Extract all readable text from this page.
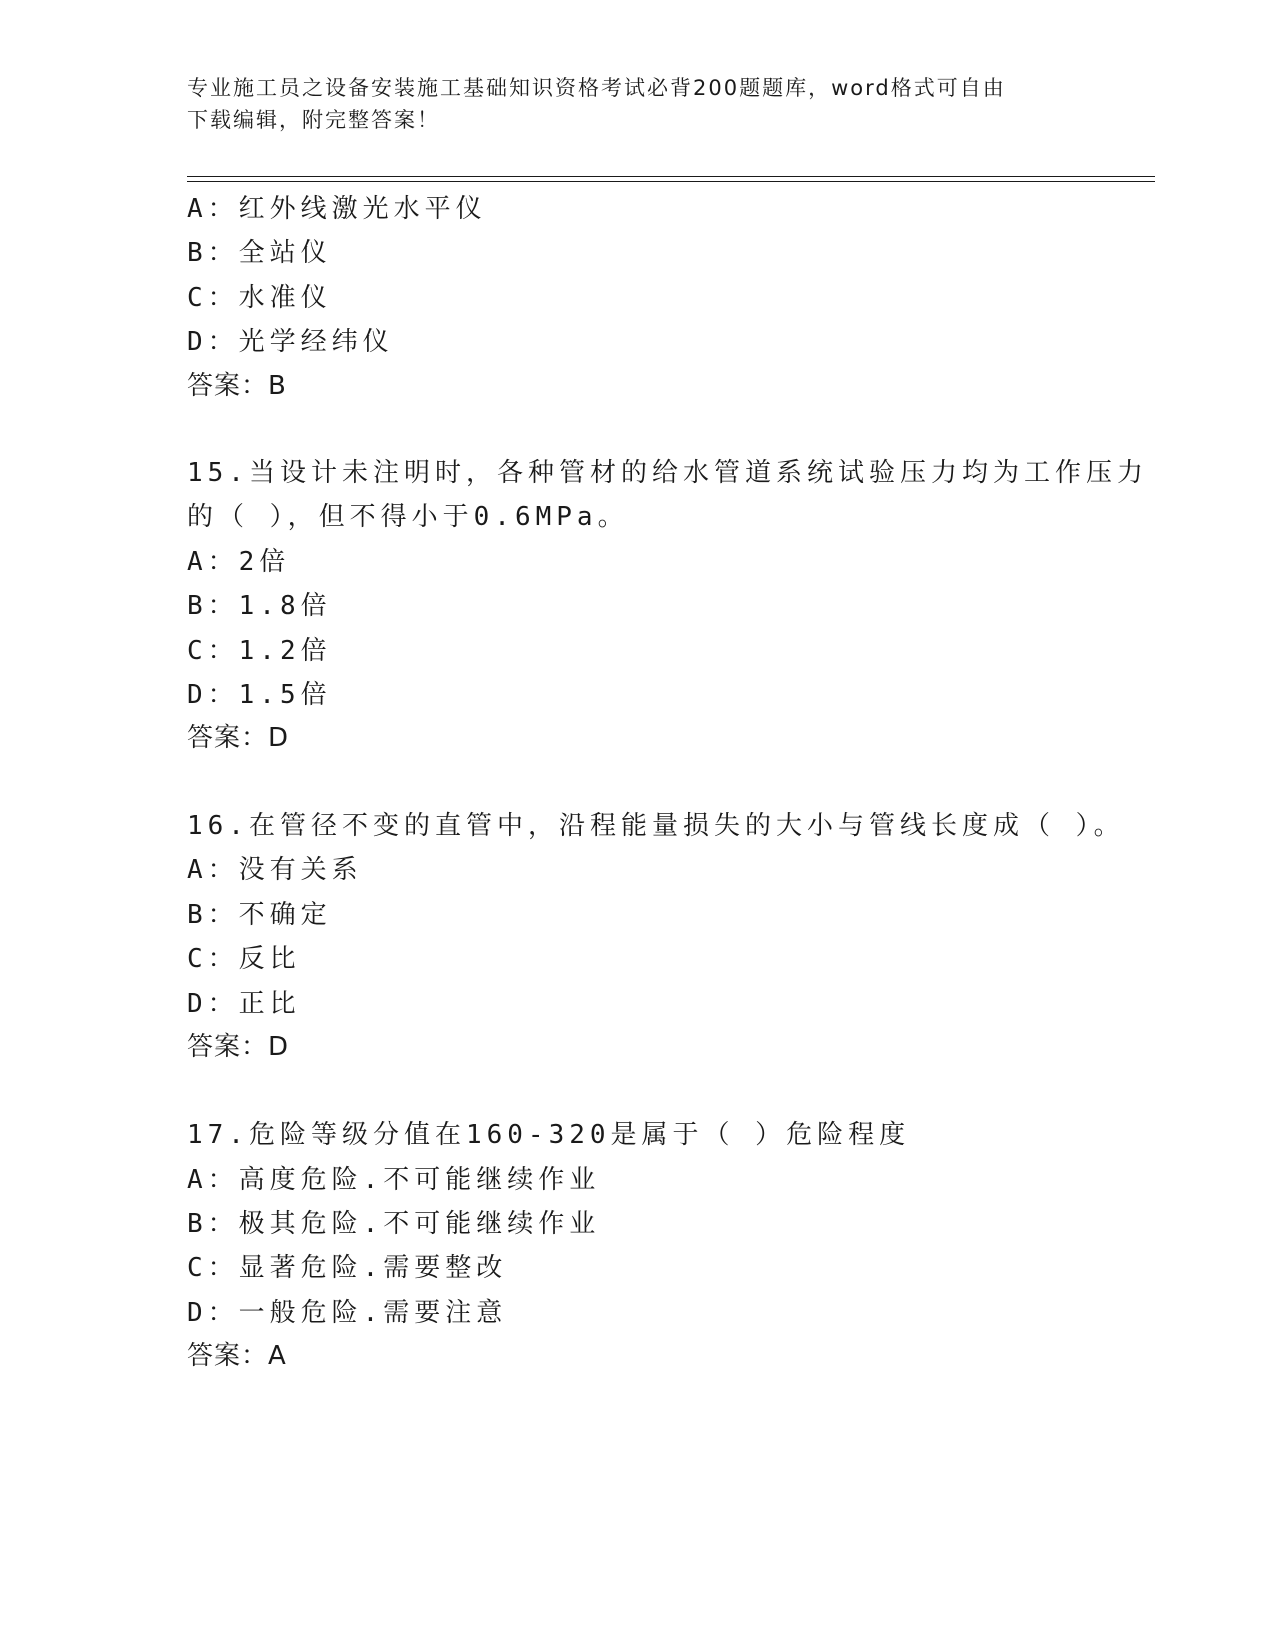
专业施工员之设备安装施工基础知识资格考试必背200题题库，word格式可自由
下载编辑，附完整答案！
A：红外线激光水平仪
B：全站仪
C：水准仪
D：光学经纬仪
答案：B
15.当设计未注明时，各种管材的给水管道系统试验压力均为工作压力
的（ ），但不得小于0.6MPa。
A：2倍
B：1.8倍
C：1.2倍
D：1.5倍
答案：D
16.在管径不变的直管中，沿程能量损失的大小与管线长度成（ ）。
A：没有关系
B：不确定
C：反比
D：正比
答案：D
17.危险等级分值在160-320是属于（ ）危险程度
A：高度危险.不可能继续作业
B：极其危险.不可能继续作业
C：显著危险.需要整改
D：一般危险.需要注意
答案：A
